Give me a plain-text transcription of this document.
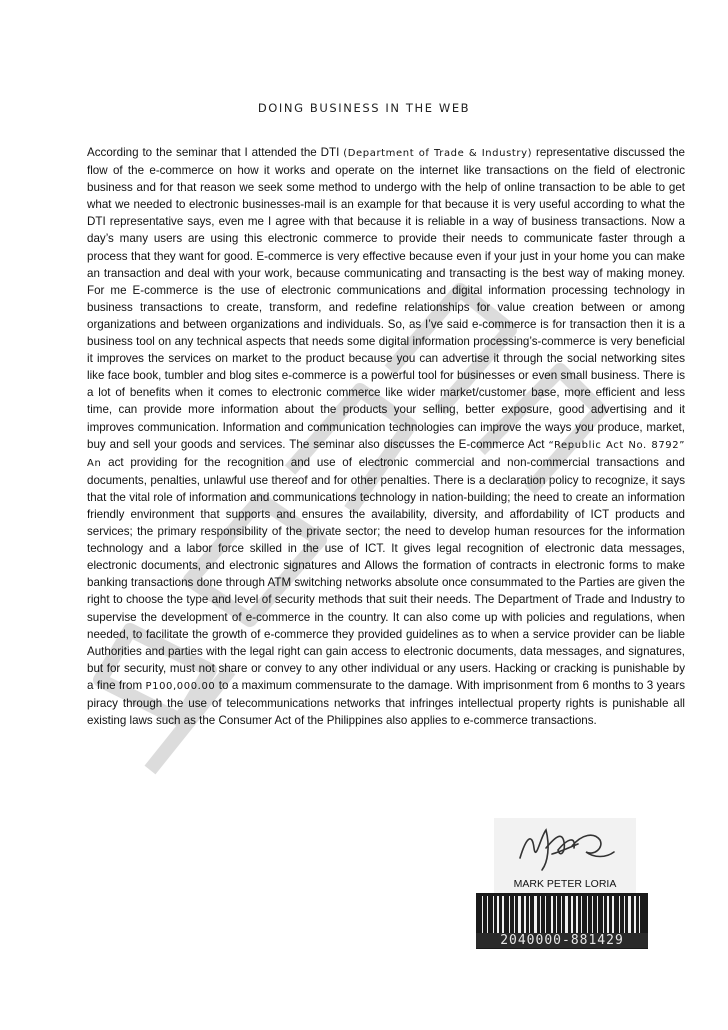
DOING BUSINESS IN THE WEB
According to the seminar that I attended the DTI (Department of Trade & Industry) representative discussed the flow of the e-commerce on how it works and operate on the internet like transactions on the field of electronic business and for that reason we seek some method to undergo with the help of online transaction to be able to get what we needed to electronic businesses-mail is an example for that because it is very useful according to what the DTI representative says, even me I agree with that because it is reliable in a way of business transactions. Now a day’s many users are using this electronic commerce to provide their needs to communicate faster through a process that they want for good. E-commerce is very effective because even if your just in your home you can make an transaction and deal with your work, because communicating and transacting is the best way of making money. For me E-commerce is the use of electronic communications and digital information processing technology in business transactions to create, transform, and redefine relationships for value creation between or among organizations and between organizations and individuals. So, as I’ve said e-commerce is for transaction then it is a business tool on any technical aspects that needs some digital information processing’s-commerce is very beneficial it improves the services on market to the product because you can advertise it through the social networking sites like face book, tumbler and blog sites e-commerce is a powerful tool for businesses or even small business. There is a lot of benefits when it comes to electronic commerce like wider market/customer base, more efficient and less time, can provide more information about the products your selling, better exposure, good advertising and it improves communication. Information and communication technologies can improve the ways you produce, market, buy and sell your goods and services. The seminar also discusses the E-commerce Act “Republic Act No. 8792” An act providing for the recognition and use of electronic commercial and non-commercial transactions and documents, penalties, unlawful use thereof and for other penalties. There is a declaration policy to recognize, it says that the vital role of information and communications technology in nation-building; the need to create an information friendly environment that supports and ensures the availability, diversity, and affordability of ICT products and services; the primary responsibility of the private sector; the need to develop human resources for the information technology and a labor force skilled in the use of ICT. It gives legal recognition of electronic data messages, electronic documents, and electronic signatures and Allows the formation of contracts in electronic forms to make banking transactions done through ATM switching networks absolute once consummated to the Parties are given the right to choose the type and level of security methods that suit their needs. The Department of Trade and Industry to supervise the development of e-commerce in the country. It can also come up with policies and regulations, when needed, to facilitate the growth of e-commerce they provided guidelines as to when a service provider can be liable Authorities and parties with the legal right can gain access to electronic documents, data messages, and signatures, but for security, must not share or convey to any other individual or any users. Hacking or cracking is punishable by a fine from P100,000.00 to a maximum commensurate to the damage. With imprisonment from 6 months to 3 years piracy through the use of telecommunications networks that infringes intellectual property rights is punishable all existing laws such as the Consumer Act of the Philippines also applies to e-commerce transactions.
MARK PETER LORIA
2040000-881429
